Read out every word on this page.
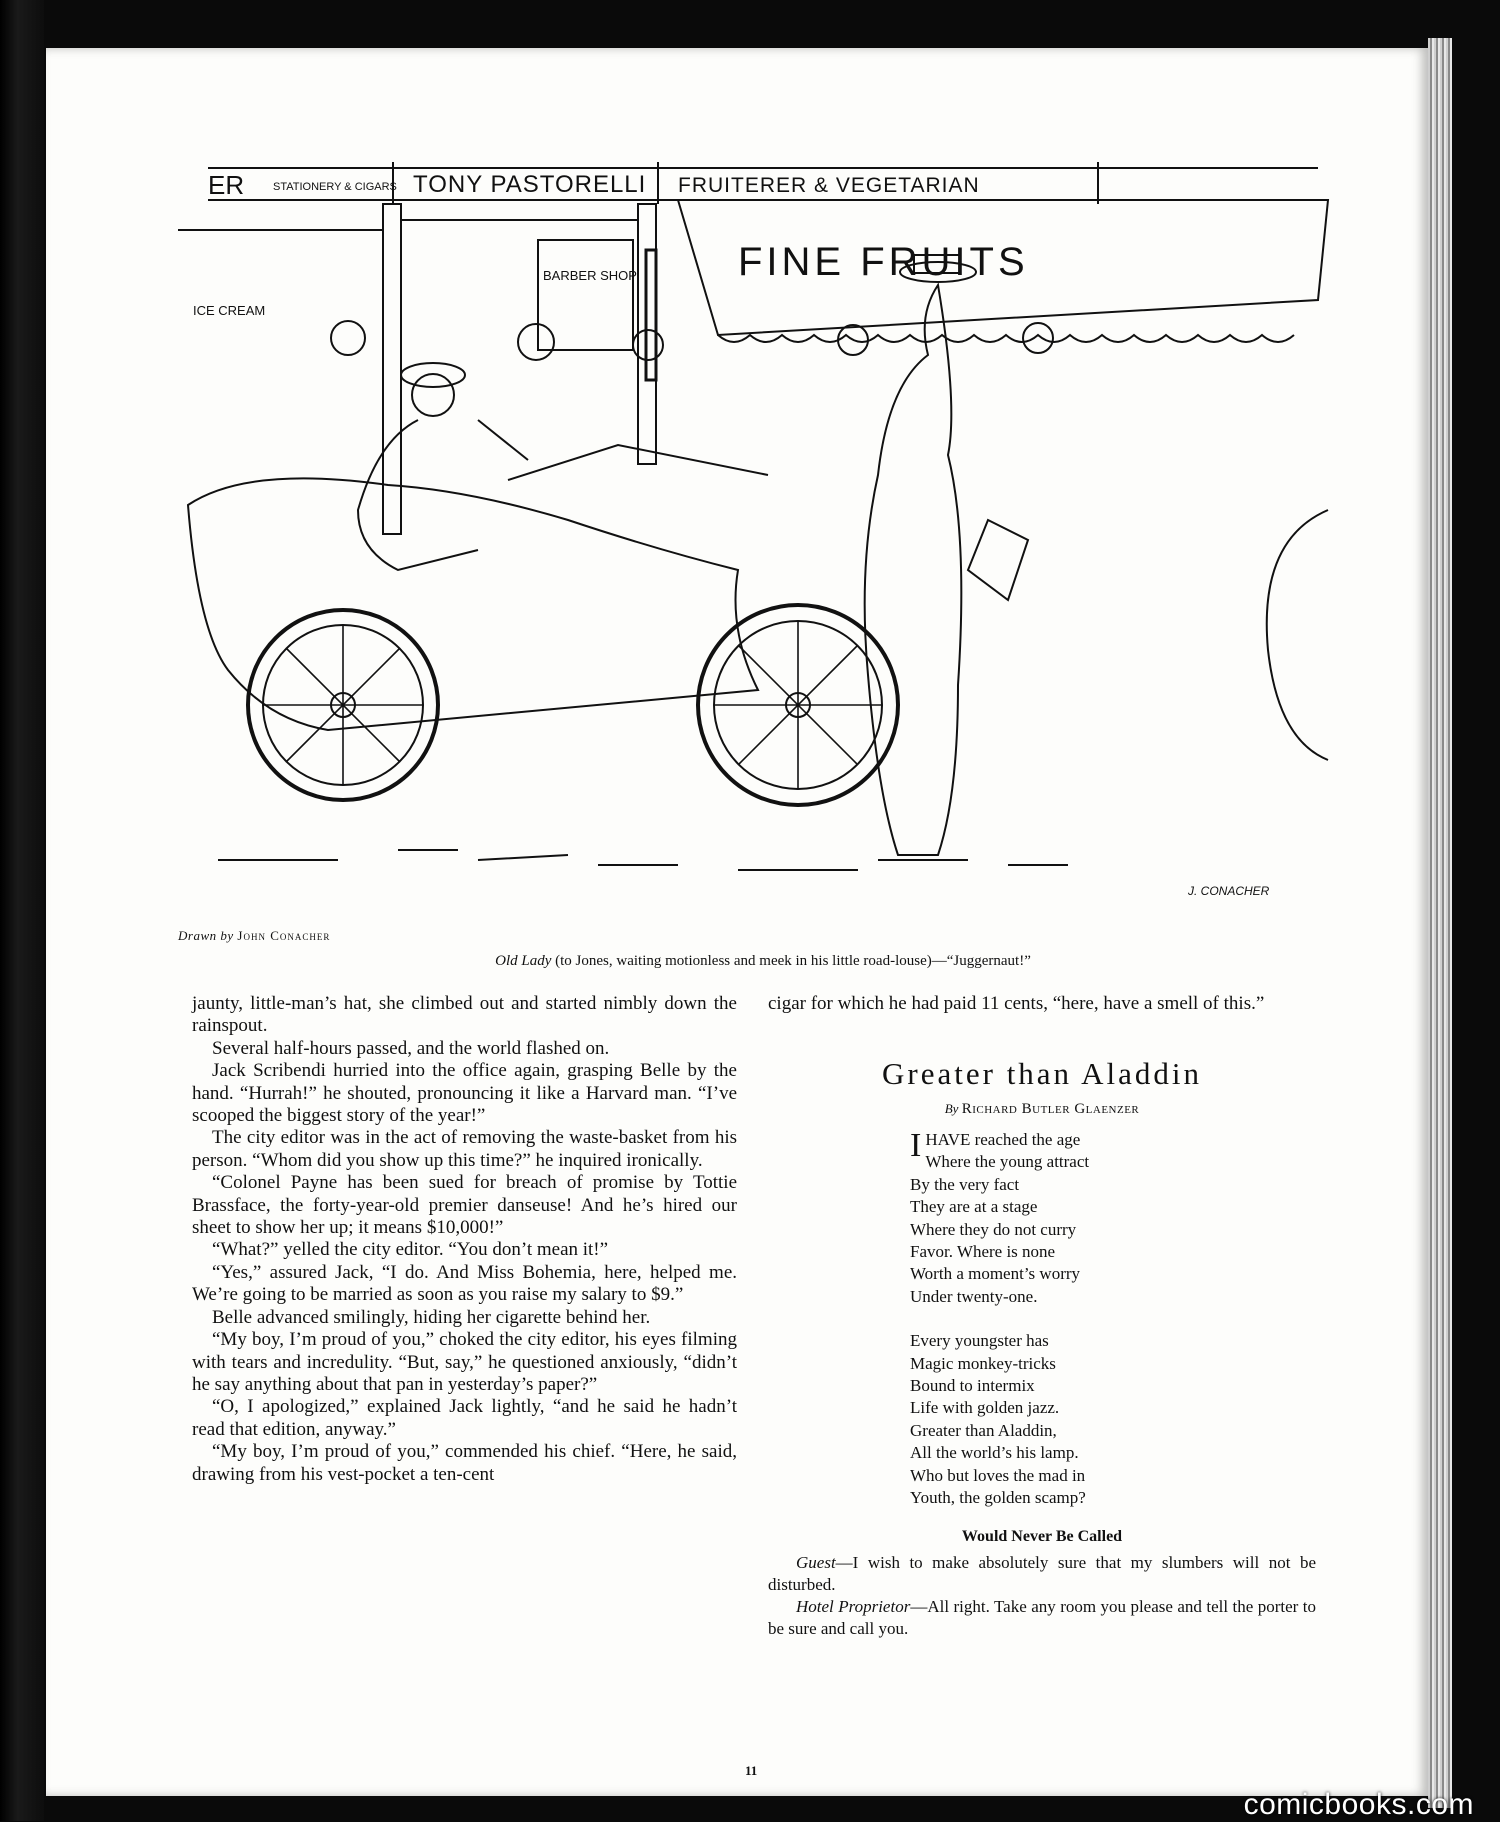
ER	STATIONERY & CIGARS TONY PASTORELLI FRUITERER & VEGETARIAN
FINE FRUITS
BARBER SHOP
ICE CREAM
J. CONACHER
Drawn by John Conacher
Old Lady (to Jones, waiting motionless and meek in his little road-louse)—“Juggernaut!”

jaunty, little-man’s hat, she climbed out and started nimbly down the rainspout.

Several half-hours passed, and the world flashed on.

Jack Scribendi hurried into the office again, grasping Belle by the hand. “Hurrah!” he shouted, pronouncing it like a Harvard man. “I’ve scooped the biggest story of the year!”

The city editor was in the act of removing the waste-basket from his person. “Whom did you show up this time?” he inquired ironically.

“Colonel Payne has been sued for breach of promise by Tottie Brassface, the forty-year-old premier danseuse! And he’s hired our sheet to show her up; it means $10,000!”

“What?” yelled the city editor. “You don’t mean it!”

“Yes,” assured Jack, “I do. And Miss Bohemia, here, helped me. We’re going to be married as soon as you raise my salary to $9.”

Belle advanced smilingly, hiding her cigarette behind her.

“My boy, I’m proud of you,” choked the city editor, his eyes filming with tears and incredulity. “But, say,” he questioned anxiously, “didn’t he say anything about that pan in yesterday’s paper?”

“O, I apologized,” explained Jack lightly, “and he said he hadn’t read that edition, anyway.”

“My boy, I’m proud of you,” commended his chief. “Here, he said, drawing from his vest-pocket a ten-cent

cigar for which he had paid 11 cents, “here, have a smell of this.”

Greater than Aladdin
By Richard Butler Glaenzer
I HAVE reached the age
Where the young attract
By the very fact
They are at a stage
Where they do not curry
Favor. Where is none
Worth a moment’s worry
Under twenty-one.
Every youngster has
Magic monkey-tricks
Bound to intermix
Life with golden jazz.
Greater than Aladdin,
All the world’s his lamp.
Who but loves the mad in
Youth, the golden scamp?
Would Never Be Called

Guest—I wish to make absolutely sure that my slumbers will not be disturbed.

Hotel Proprietor—All right. Take any room you please and tell the porter to be sure and call you.

11
comicbooks.com
